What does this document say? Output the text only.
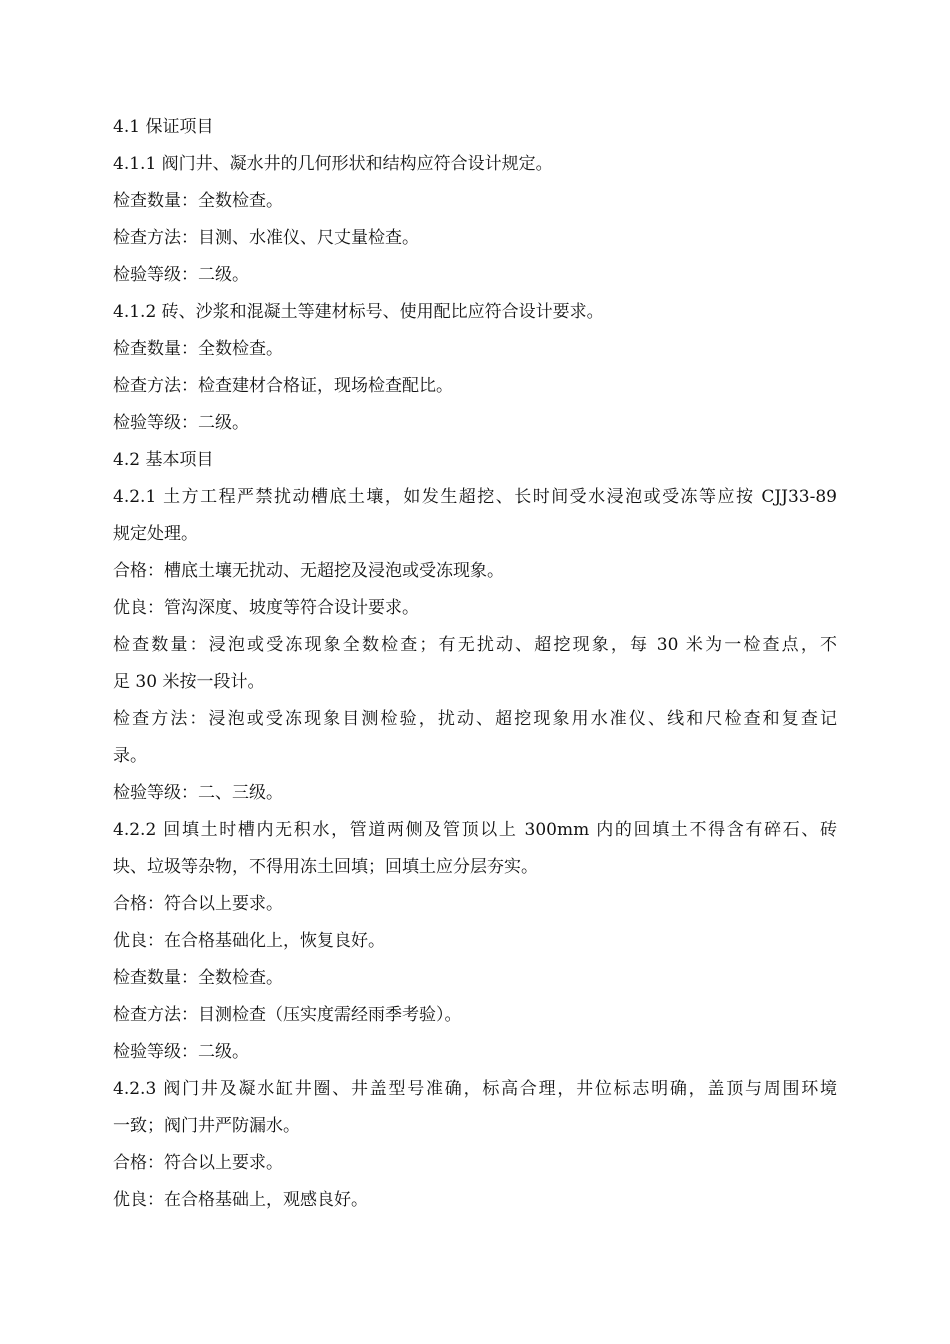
4.1 保证项目
4.1.1 阀门井、凝水井的几何形状和结构应符合设计规定。
检查数量：全数检查。
检查方法：目测、水准仪、尺丈量检查。
检验等级：二级。
4.1.2 砖、沙浆和混凝土等建材标号、使用配比应符合设计要求。
检查数量：全数检查。
检查方法：检查建材合格证，现场检查配比。
检验等级：二级。
4.2 基本项目
4.2.1 土方工程严禁扰动槽底土壤，如发生超挖、长时间受水浸泡或受冻等应按 CJJ33-89
规定处理。
合格：槽底土壤无扰动、无超挖及浸泡或受冻现象。
优良：管沟深度、坡度等符合设计要求。
检查数量：浸泡或受冻现象全数检查；有无扰动、超挖现象，每 30 米为一检查点，不
足 30 米按一段计。
检查方法：浸泡或受冻现象目测检验，扰动、超挖现象用水准仪、线和尺检查和复查记
录。
检验等级：二、三级。
4.2.2 回填土时槽内无积水，管道两侧及管顶以上 300mm 内的回填土不得含有碎石、砖
块、垃圾等杂物，不得用冻土回填；回填土应分层夯实。
合格：符合以上要求。
优良：在合格基础化上，恢复良好。
检查数量：全数检查。
检查方法：目测检查（压实度需经雨季考验）。
检验等级：二级。
4.2.3 阀门井及凝水缸井圈、井盖型号准确，标高合理，井位标志明确，盖顶与周围环境
一致；阀门井严防漏水。
合格：符合以上要求。
优良：在合格基础上，观感良好。
